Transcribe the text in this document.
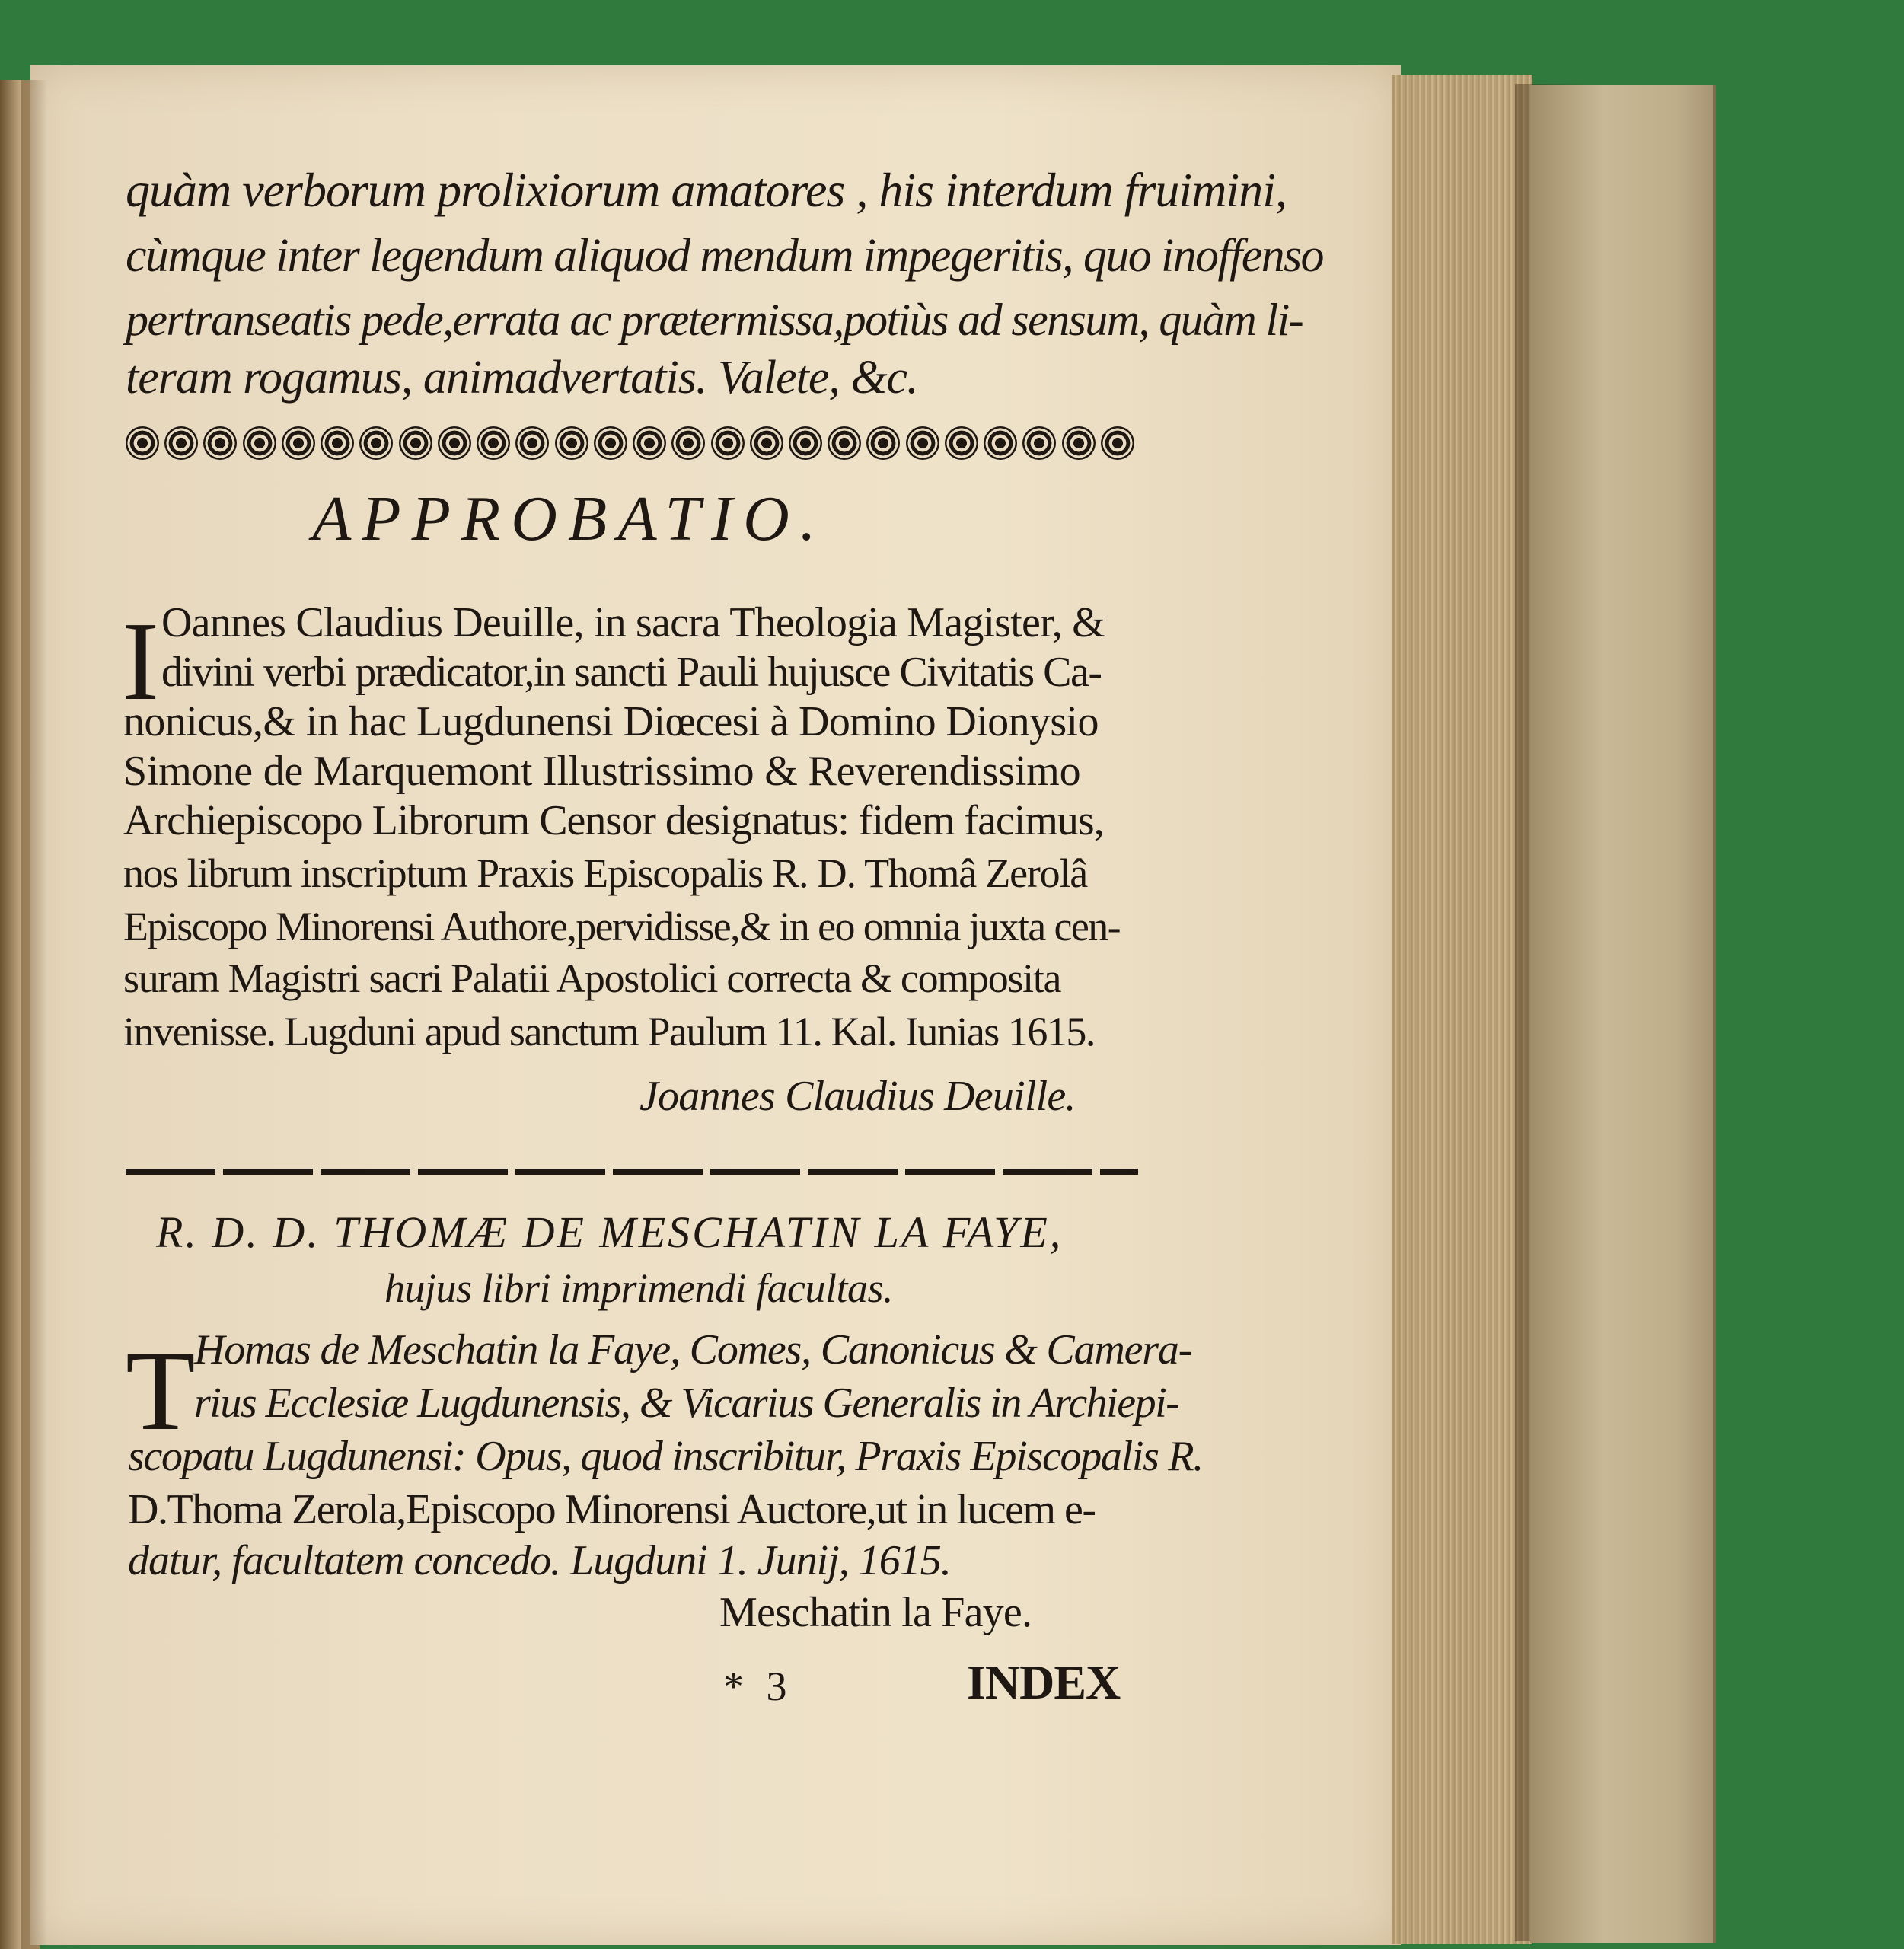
quàm verborum prolixiorum amatores , his interdum fruimini,
cùmque inter legendum aliquod mendum impegeritis, quo inoffenso
pertranseatis pede,errata ac prætermissa,potiùs ad sensum, quàm li-
teram rogamus, animadvertatis. Valete, &c.
APPROBATIO.
I Oannes Claudius Deuille, in sacra Theologia Magister, &
divini verbi prædicator,in sancti Pauli hujusce Civitatis Ca-
nonicus,& in hac Lugdunensi Diœcesi à Domino Dionysio
Simone de Marquemont Illustrissimo & Reverendissimo
Archiepiscopo Librorum Censor designatus: fidem facimus,
nos librum inscriptum Praxis Episcopalis R. D. Thomâ Zerolâ
Episcopo Minorensi Authore,pervidisse,& in eo omnia juxta cen-
suram Magistri sacri Palatii Apostolici correcta & composita
invenisse. Lugduni apud sanctum Paulum 11. Kal. Iunias 1615.
Joannes Claudius Deuille.
R. D. D. THOMÆ DE MESCHATIN LA FAYE,
hujus libri imprimendi facultas.
T
Homas de Meschatin la Faye, Comes, Canonicus & Camera-
rius Ecclesiæ Lugdunensis, & Vicarius Generalis in Archiepi-
scopatu Lugdunensi: Opus, quod inscribitur, Praxis Episcopalis R.
D.Thoma Zerola,Episcopo Minorensi Auctore,ut in lucem e-
datur, facultatem concedo. Lugduni 1. Junij, 1615.
Meschatin la Faye.
* 3	INDEX
